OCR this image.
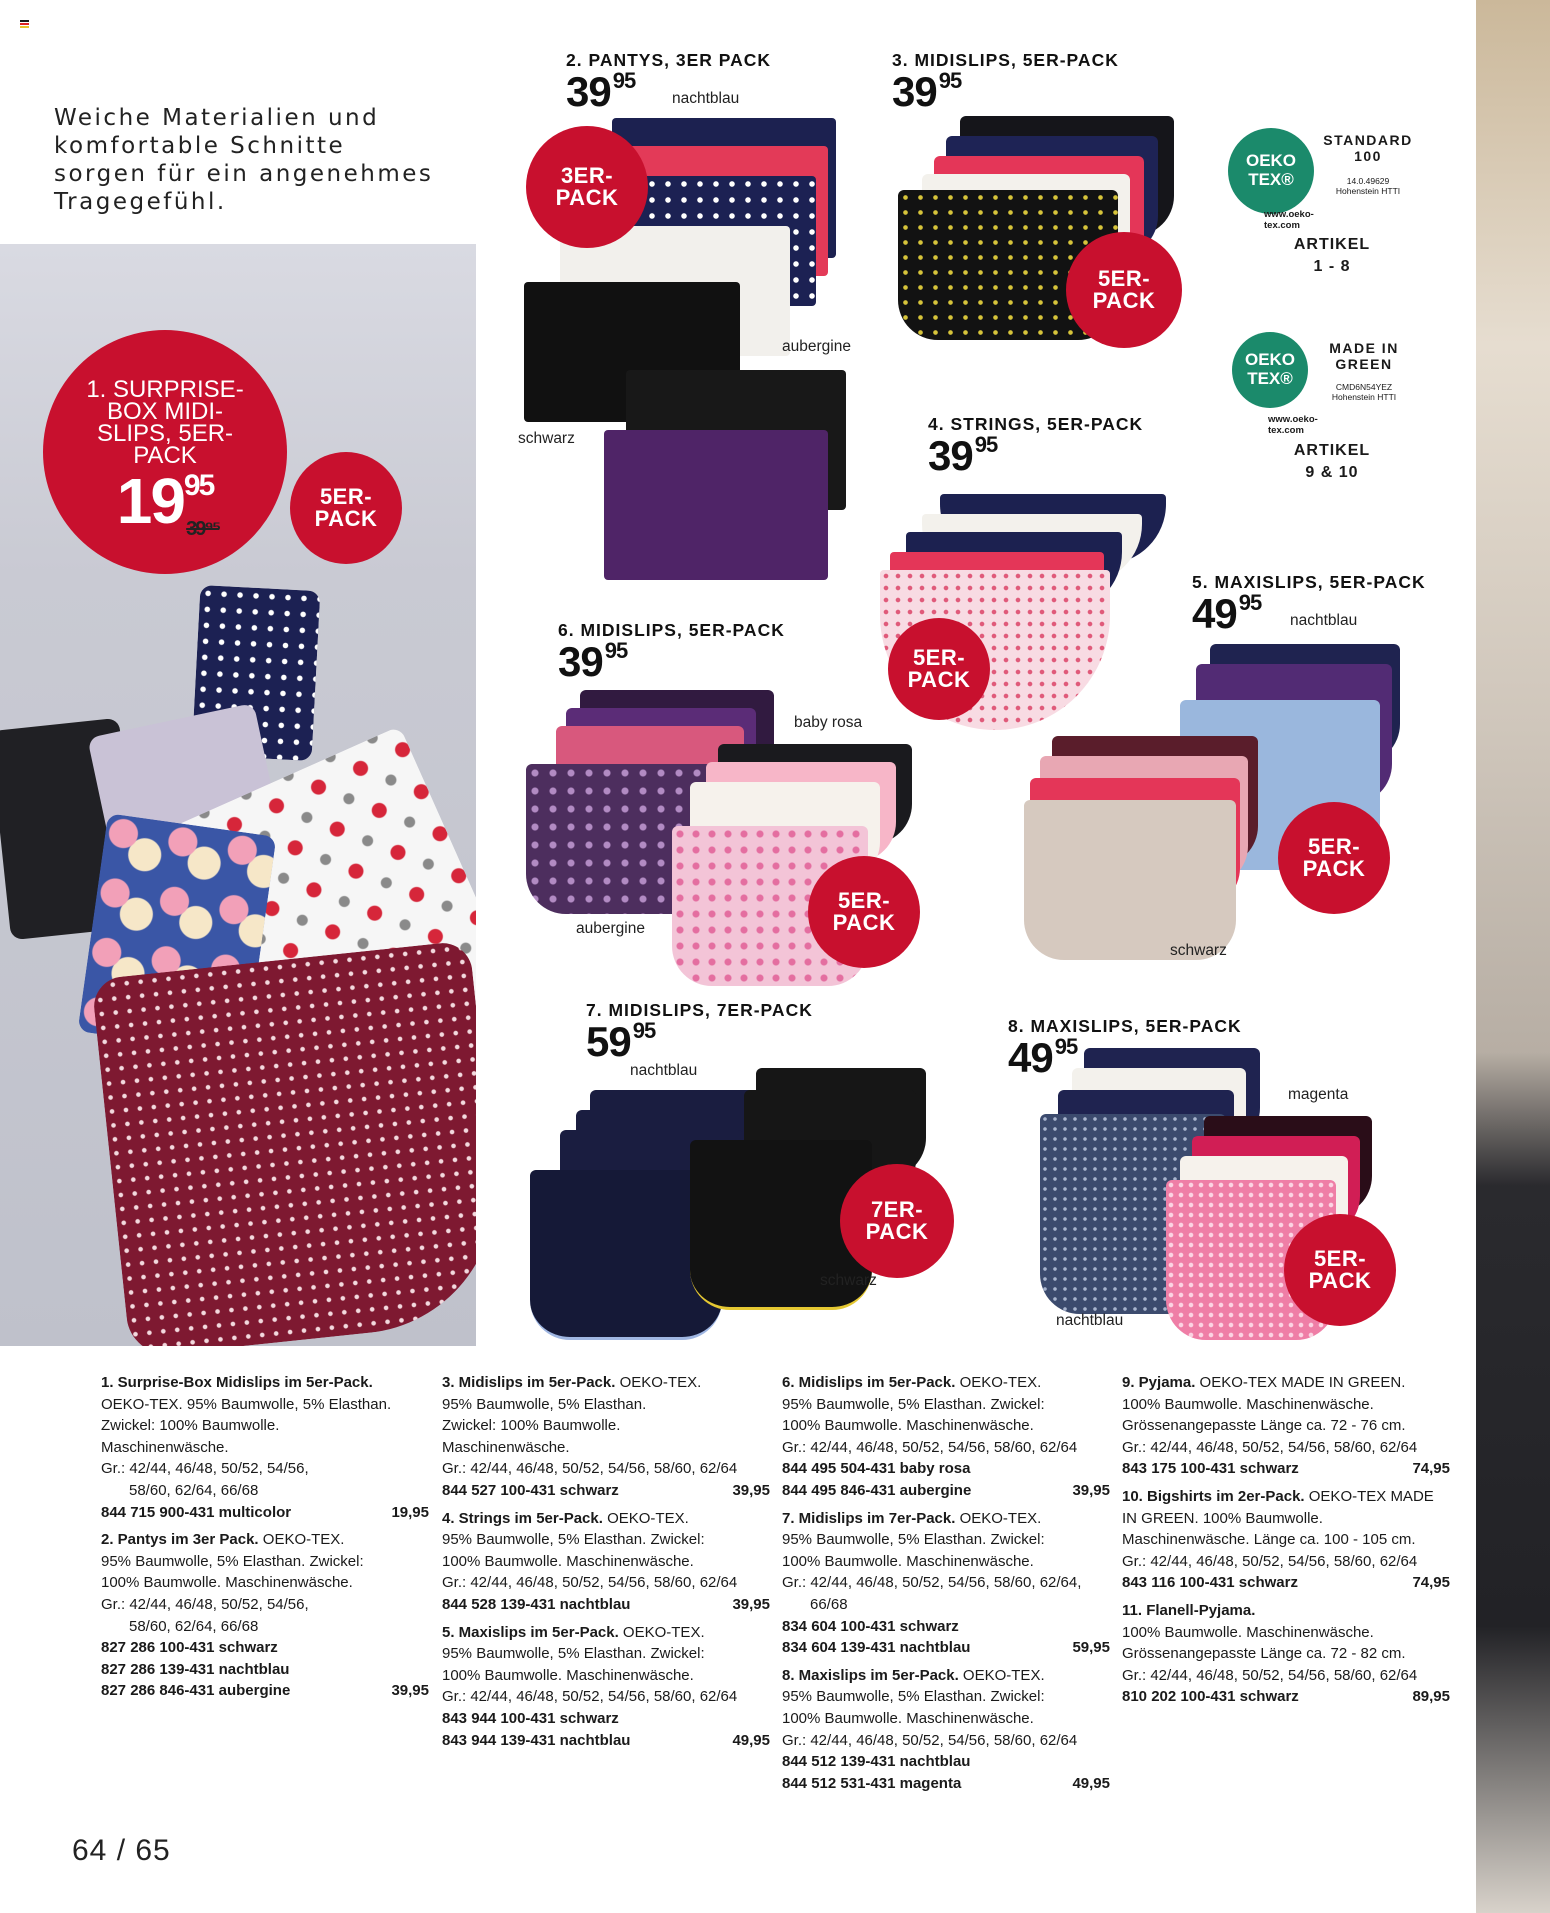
Weiche Materialien und
komfortable Schnitte
sorgen für ein angenehmes
Tragegefühl.
1. SURPRISE-
BOX MIDI-
SLIPS, 5ER-
PACK
$19^{95}$
39⁹⁵
5ER-
PACK
2. PANTYS, 3ER PACK
$39^{95}$
nachtblau
aubergine
schwarz
3ER-
PACK
3. MIDISLIPS, 5ER-PACK
$39^{95}$
5ER-
PACK
OEKO
TEX®
STANDARD
100
14.0.49629
Hohenstein HTTI
www.oeko-tex.com
ARTIKEL
1 - 8
OEKO
TEX®
MADE IN
GREEN
CMD6N54YEZ
Hohenstein HTTI
www.oeko-tex.com
ARTIKEL
9 & 10
4. STRINGS, 5ER-PACK
$39^{95}$
5ER-
PACK
5. MAXISLIPS, 5ER-PACK
$49^{95}$
nachtblau
schwarz
5ER-
PACK
6. MIDISLIPS, 5ER-PACK
$39^{95}$
baby rosa
aubergine
5ER-
PACK
7. MIDISLIPS, 7ER-PACK
$59^{95}$
nachtblau
schwarz
7ER-
PACK
8. MAXISLIPS, 5ER-PACK
$49^{95}$
magenta
nachtblau
5ER-
PACK
1. Surprise-Box Midislips im 5er-Pack.
OEKO-TEX. 95% Baumwolle, 5% Elasthan.
Zwickel: 100% Baumwolle.
Maschinenwäsche.
Gr.: 42/44, 46/48, 50/52, 54/56,
58/60, 62/64, 66/68
844 715 900-431 multicolor	19,95
2. Pantys im 3er Pack. OEKO-TEX.
95% Baumwolle, 5% Elasthan. Zwickel:
100% Baumwolle. Maschinenwäsche.
Gr.: 42/44, 46/48, 50/52, 54/56,
58/60, 62/64, 66/68
827 286 100-431 schwarz
827 286 139-431 nachtblau
827 286 846-431 aubergine	39,95
3. Midislips im 5er-Pack. OEKO-TEX.
95% Baumwolle, 5% Elasthan.
Zwickel: 100% Baumwolle.
Maschinenwäsche.
Gr.: 42/44, 46/48, 50/52, 54/56, 58/60, 62/64
844 527 100-431 schwarz	39,95
4. Strings im 5er-Pack. OEKO-TEX.
95% Baumwolle, 5% Elasthan. Zwickel:
100% Baumwolle. Maschinenwäsche.
Gr.: 42/44, 46/48, 50/52, 54/56, 58/60, 62/64
844 528 139-431 nachtblau	39,95
5. Maxislips im 5er-Pack. OEKO-TEX.
95% Baumwolle, 5% Elasthan. Zwickel:
100% Baumwolle. Maschinenwäsche.
Gr.: 42/44, 46/48, 50/52, 54/56, 58/60, 62/64
843 944 100-431 schwarz
843 944 139-431 nachtblau	49,95
6. Midislips im 5er-Pack. OEKO-TEX.
95% Baumwolle, 5% Elasthan. Zwickel:
100% Baumwolle. Maschinenwäsche.
Gr.: 42/44, 46/48, 50/52, 54/56, 58/60, 62/64
844 495 504-431 baby rosa
844 495 846-431 aubergine	39,95
7. Midislips im 7er-Pack. OEKO-TEX.
95% Baumwolle, 5% Elasthan. Zwickel:
100% Baumwolle. Maschinenwäsche.
Gr.: 42/44, 46/48, 50/52, 54/56, 58/60, 62/64,
66/68
834 604 100-431 schwarz
834 604 139-431 nachtblau	59,95
8. Maxislips im 5er-Pack. OEKO-TEX.
95% Baumwolle, 5% Elasthan. Zwickel:
100% Baumwolle. Maschinenwäsche.
Gr.: 42/44, 46/48, 50/52, 54/56, 58/60, 62/64
844 512 139-431 nachtblau
844 512 531-431 magenta	49,95
9. Pyjama. OEKO-TEX MADE IN GREEN.
100% Baumwolle. Maschinenwäsche.
Grössenangepasste Länge ca. 72 - 76 cm.
Gr.: 42/44, 46/48, 50/52, 54/56, 58/60, 62/64
843 175 100-431 schwarz	74,95
10. Bigshirts im 2er-Pack. OEKO-TEX MADE
IN GREEN. 100% Baumwolle.
Maschinenwäsche. Länge ca. 100 - 105 cm.
Gr.: 42/44, 46/48, 50/52, 54/56, 58/60, 62/64
843 116 100-431 schwarz	74,95
11. Flanell-Pyjama.
100% Baumwolle. Maschinenwäsche.
Grössenangepasste Länge ca. 72 - 82 cm.
Gr.: 42/44, 46/48, 50/52, 54/56, 58/60, 62/64
810 202 100-431 schwarz	89,95
64 / 65
